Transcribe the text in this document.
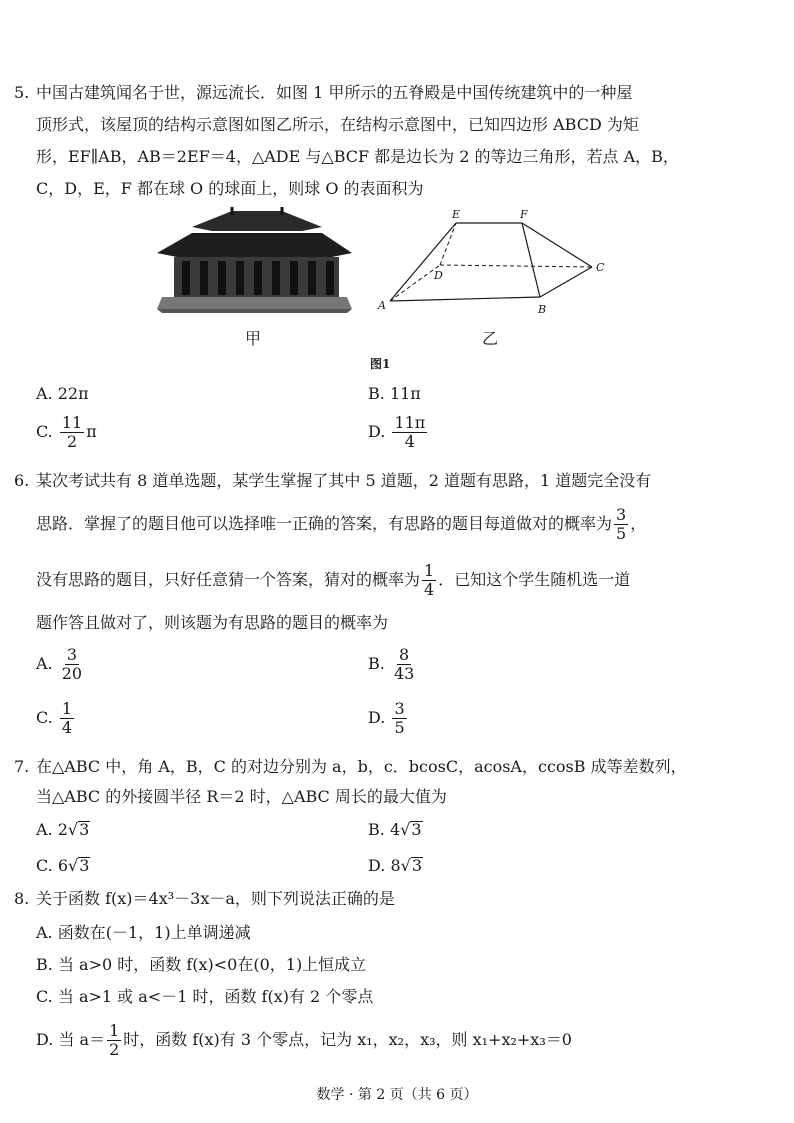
5. 中国古建筑闻名于世，源远流长．如图 1 甲所示的五脊殿是中国传统建筑中的一种屋
顶形式，该屋顶的结构示意图如图乙所示，在结构示意图中，已知四边形 ABCD 为矩
形，EF∥AB，AB＝2EF＝4，△ADE 与△BCF 都是边长为 2 的等边三角形，若点 A，B，
C，D，E，F 都在球 O 的球面上，则球 O 的表面积为
E	F
D
C
A	B
甲	乙
图1
A. 22π	B. 11π
C. $\frac{11}{2}$ π	D. $\frac{11\pi}{4}$
6. 某次考试共有 8 道单选题，某学生掌握了其中 5 道题，2 道题有思路，1 道题完全没有
思路．掌握了的题目他可以选择唯一正确的答案，有思路的题目每道做对的概率为 $\frac{3}{5}$ ，
没有思路的题目，只好任意猜一个答案，猜对的概率为 $\frac{1}{4}$ ．已知这个学生随机选一道
题作答且做对了，则该题为有思路的题目的概率为
A. $\frac{3}{20}$	B. $\frac{8}{43}$
C. $\frac{1}{4}$	D. $\frac{3}{5}$
7. 在△ABC 中，角 A，B，C 的对边分别为 a，b，c．bcosC，acosA，ccosB 成等差数列，
当△ABC 的外接圆半径 R＝2 时，△ABC 周长的最大值为
A. 2√3	B. 4√3
C. 6√3	D. 8√3
8. 关于函数 f(x)＝4x³－3x－a，则下列说法正确的是
A. 函数在(－1，1)上单调递减
B. 当 a>0 时，函数 f(x)<0在(0，1)上恒成立
C. 当 a>1 或 a<－1 时，函数 f(x)有 2 个零点
D. 当 $a= \frac{1}{2}$ 时，函数 f(x)有 3 个零点，记为 x₁，x₂，x₃，则 x₁+x₂+x₃＝0
数学 · 第 2 页（共 6 页）
